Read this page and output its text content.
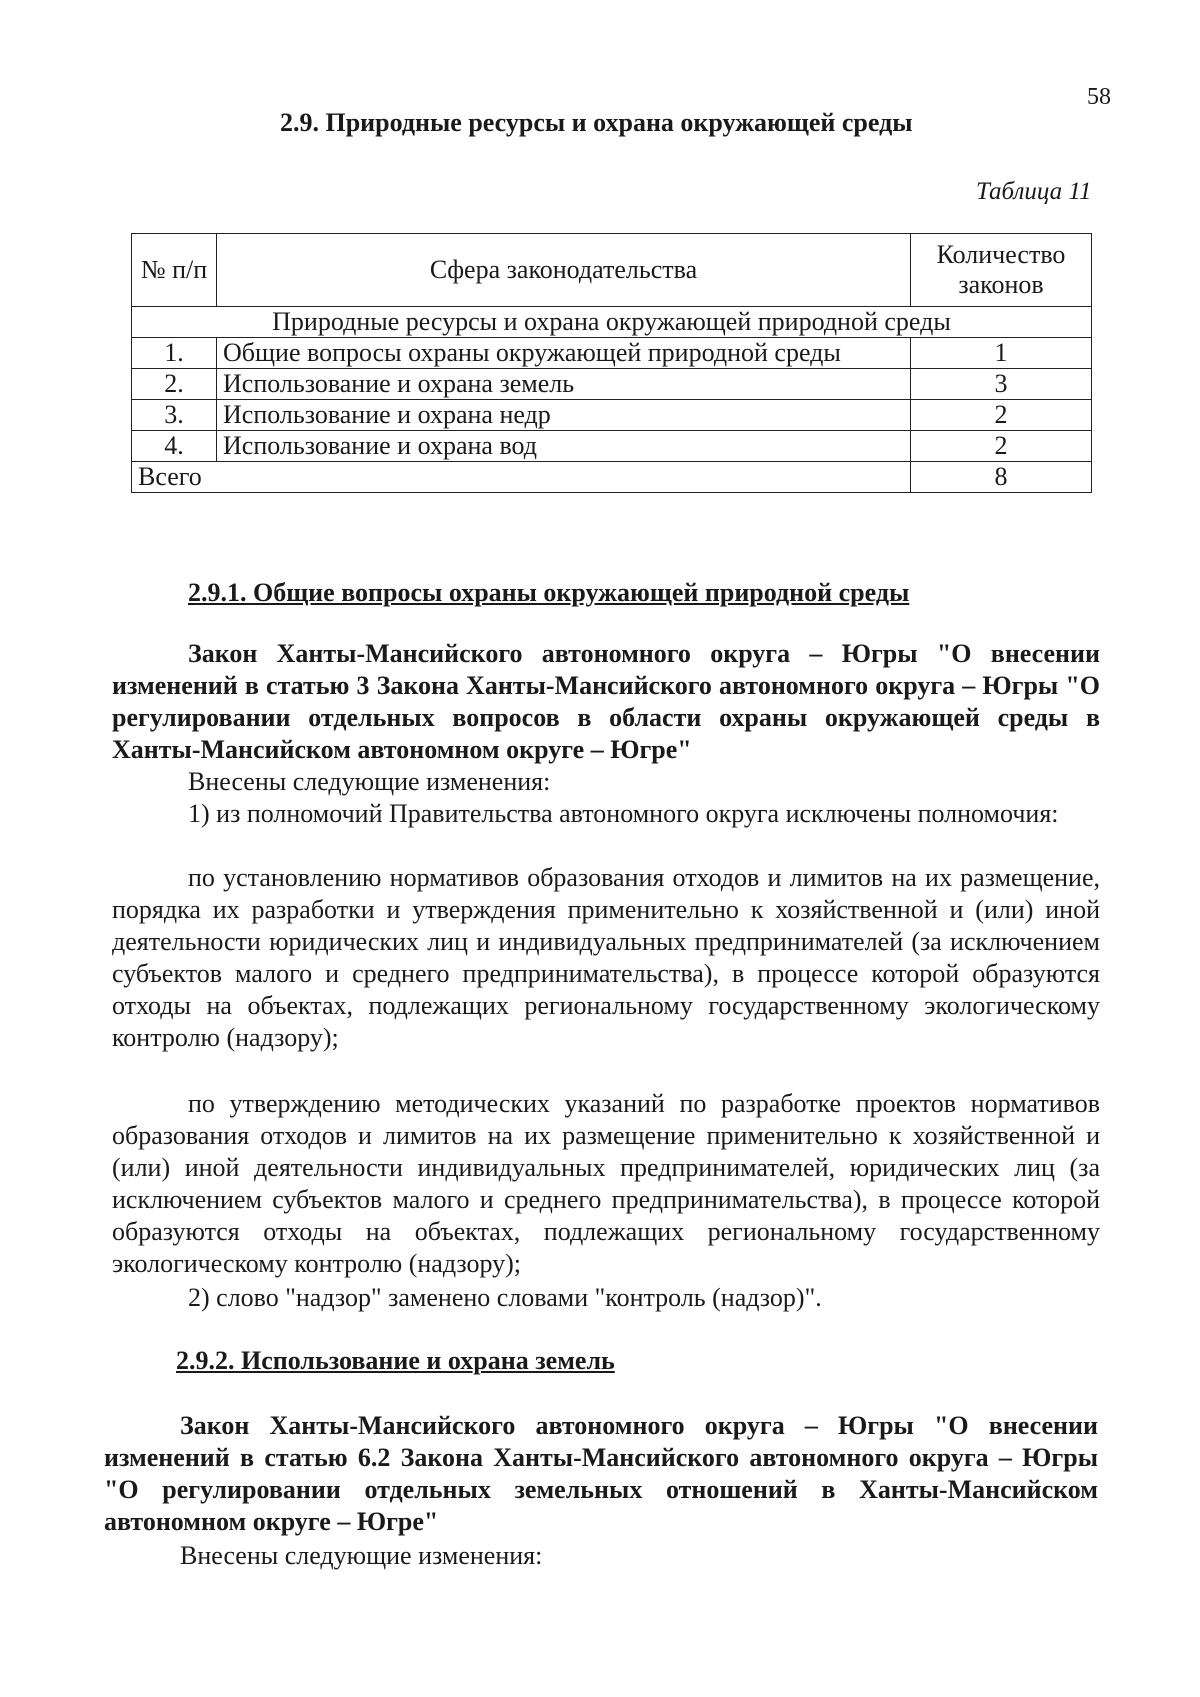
58
2.9. Природные ресурсы и охрана окружающей среды
Таблица 11
№ п/п	Сфера законодательства	Количество законов
Природные ресурсы и охрана окружающей природной среды		
1.	Общие вопросы охраны окружающей природной среды	1
2.	Использование и охрана земель	3
3.	Использование и охрана недр	2
4.	Использование и охрана вод	2
Всего		8
2.9.1. Общие вопросы охраны окружающей природной среды
Закон Ханты-Мансийского автономного округа – Югры "О внесении изменений в статью 3 Закона Ханты-Мансийского автономного округа – Югры "О регулировании отдельных вопросов в области охраны окружающей среды в Ханты-Мансийском автономном округе – Югре"
Внесены следующие изменения:
1) из полномочий Правительства автономного округа исключены полномочия:
по установлению нормативов образования отходов и лимитов на их размещение, порядка их разработки и утверждения применительно к хозяйственной и (или) иной деятельности юридических лиц и индивидуальных предпринимателей (за исключением субъектов малого и среднего предпринимательства), в процессе которой образуются отходы на объектах, подлежащих региональному государственному экологическому контролю (надзору);
по утверждению методических указаний по разработке проектов нормативов образования отходов и лимитов на их размещение применительно к хозяйственной и (или) иной деятельности индивидуальных предпринимателей, юридических лиц (за исключением субъектов малого и среднего предпринимательства), в процессе которой образуются отходы на объектах, подлежащих региональному государственному экологическому контролю (надзору);
2) слово "надзор" заменено словами "контроль (надзор)".
2.9.2. Использование и охрана земель
Закон Ханты-Мансийского автономного округа – Югры "О внесении изменений в статью 6.2 Закона Ханты-Мансийского автономного округа – Югры "О регулировании отдельных земельных отношений в Ханты-Мансийском автономном округе – Югре"
Внесены следующие изменения:
